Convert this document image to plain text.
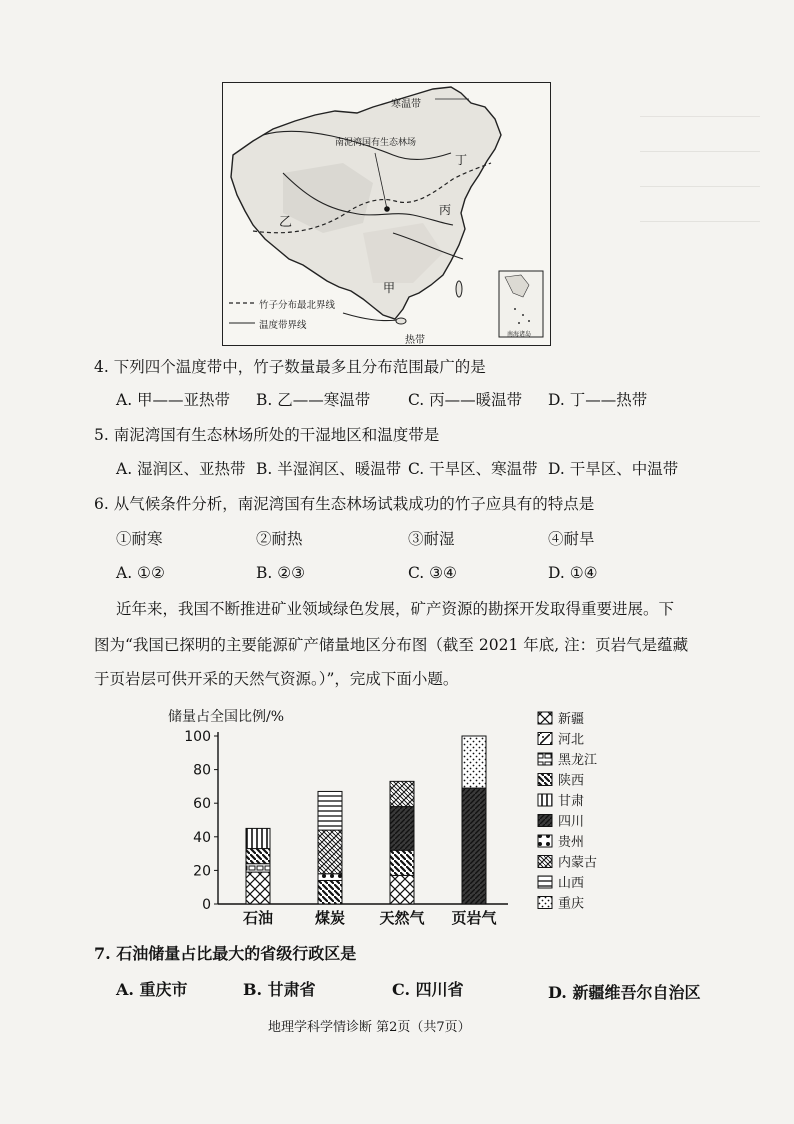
寒温带
南泥湾国有生态林场
丁
乙
丙
甲
热带
南海诸岛
竹子分布最北界线
温度带界线
4. 下列四个温度带中，竹子数量最多且分布范围最广的是
A. 甲——亚热带 B. 乙——寒温带 C. 丙——暖温带 D. 丁——热带
5. 南泥湾国有生态林场所处的干湿地区和温度带是
A. 湿润区、亚热带 B. 半湿润区、暖温带 C. 干旱区、寒温带 D. 干旱区、中温带
6. 从气候条件分析，南泥湾国有生态林场试栽成功的竹子应具有的特点是
①耐寒	②耐热	③耐湿	④耐旱
A. ①②	B. ②③	C. ③④	D. ①④
近年来，我国不断推进矿业领域绿色发展，矿产资源的勘探开发取得重要进展。下
图为“我国已探明的主要能源矿产储量地区分布图（截至 2021 年底, 注：页岩气是蕴藏
于页岩层可供开采的天然气资源。）”，完成下面小题。
0
20
40
60
80
100
石油	煤炭 天然气 页岩气
新疆
河北
黑龙江
陕西
甘肃
四川
贵州
内蒙古
山西
重庆
储量占全国比例/%
7. 石油储量占比最大的省级行政区是
A. 重庆市	B. 甘肃省	C. 四川省	D. 新疆维吾尔自治区
地理学科学情诊断 第2页（共7页）
